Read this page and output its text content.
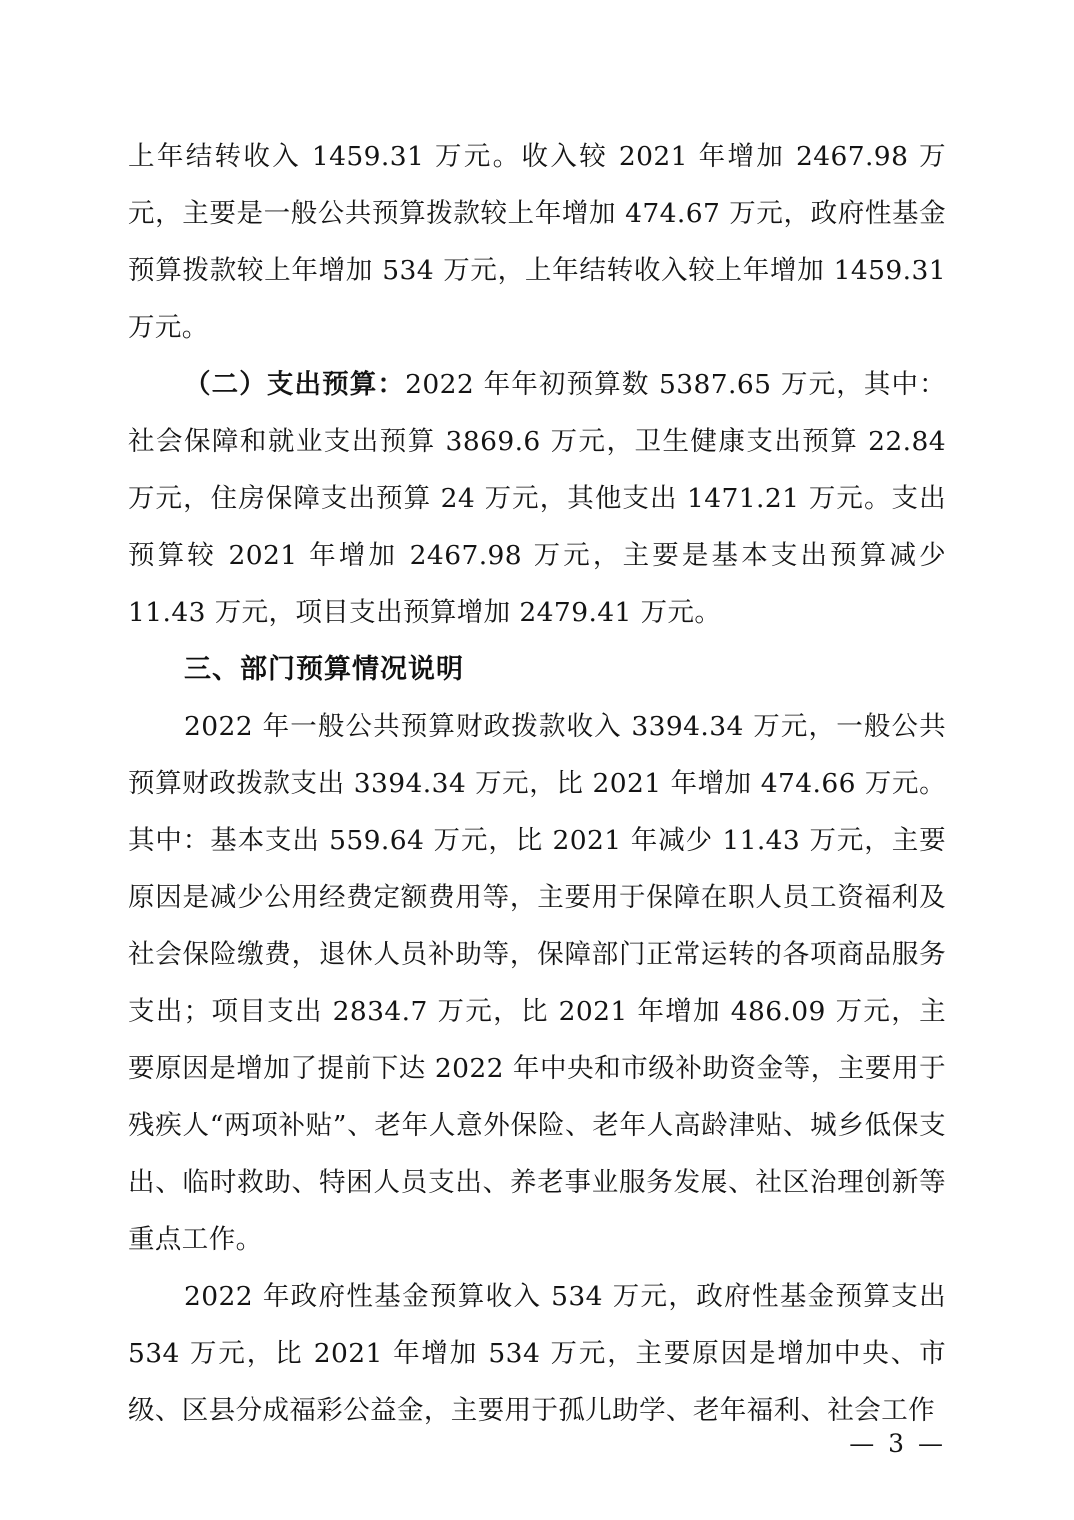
上年结转收入 1459.31 万元。收入较 2021 年增加 2467.98 万元，主要是一般公共预算拨款较上年增加 474.67 万元，政府性基金预算拨款较上年增加 534 万元，上年结转收入较上年增加 1459.31 万元。

（二）支出预算：2022 年年初预算数 5387.65 万元，其中：社会保障和就业支出预算 3869.6 万元，卫生健康支出预算 22.84 万元，住房保障支出预算 24 万元，其他支出 1471.21 万元。支出预算较 2021 年增加 2467.98 万元，主要是基本支出预算减少 11.43 万元，项目支出预算增加 2479.41 万元。

三、部门预算情况说明

2022 年一般公共预算财政拨款收入 3394.34 万元，一般公共预算财政拨款支出 3394.34 万元，比 2021 年增加 474.66 万元。其中：基本支出 559.64 万元，比 2021 年减少 11.43 万元，主要原因是减少公用经费定额费用等，主要用于保障在职人员工资福利及社会保险缴费，退休人员补助等，保障部门正常运转的各项商品服务支出；项目支出 2834.7 万元，比 2021 年增加 486.09 万元，主要原因是增加了提前下达 2022 年中央和市级补助资金等，主要用于残疾人“两项补贴”、老年人意外保险、老年人高龄津贴、城乡低保支出、临时救助、特困人员支出、养老事业服务发展、社区治理创新等重点工作。

2022 年政府性基金预算收入 534 万元，政府性基金预算支出 534 万元，比 2021 年增加 534 万元，主要原因是增加中央、市级、区县分成福彩公益金，主要用于孤儿助学、老年福利、社会工作

— 3 —
